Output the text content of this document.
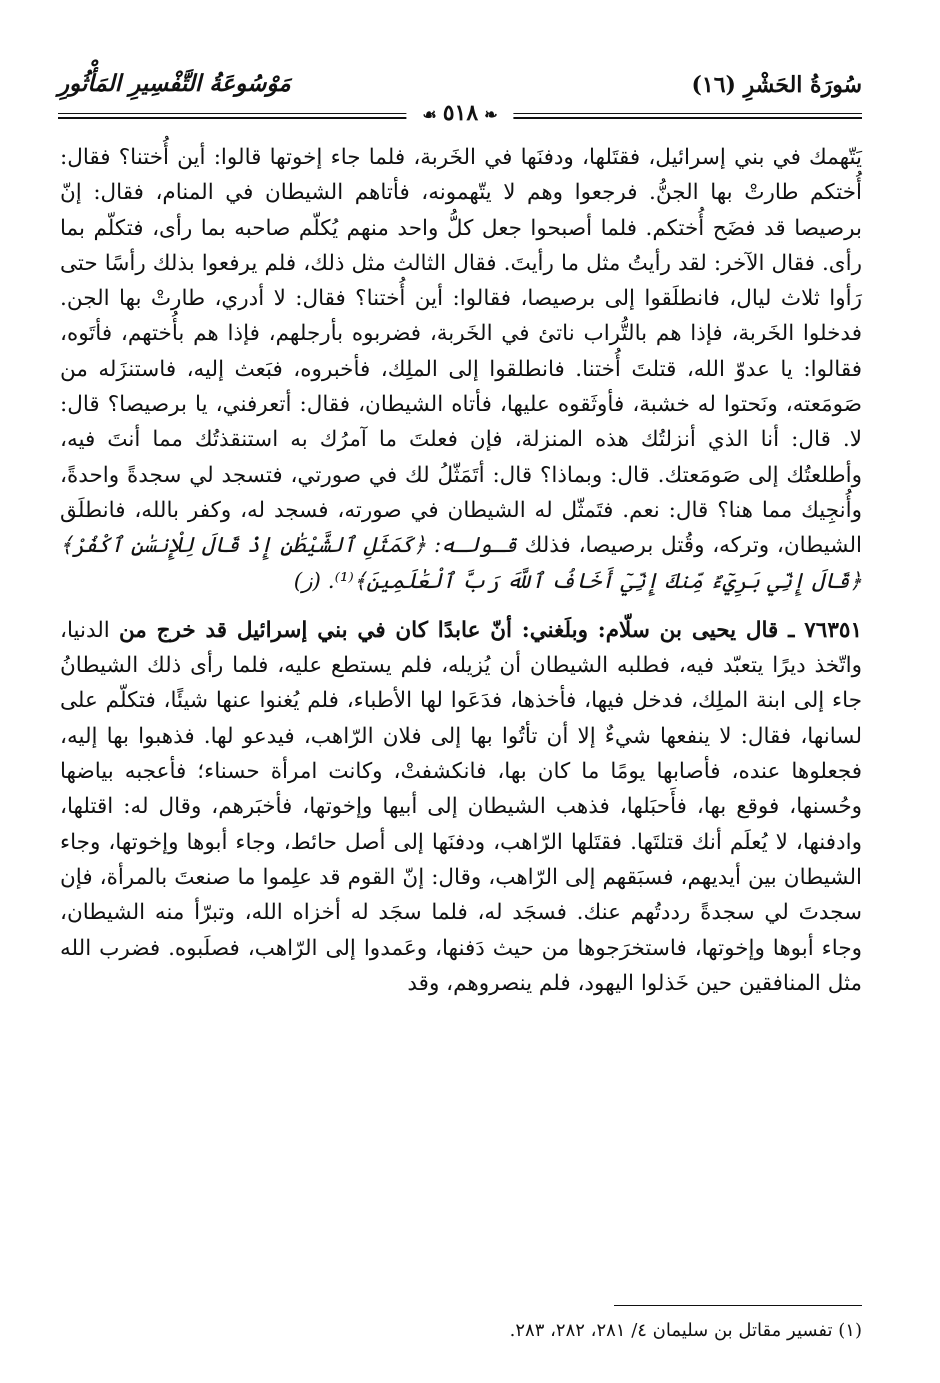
سُورَةُ الحَشْرِ (١٦)
مَوْسُوعَةُ التَّفْسِيرِ المَأْثُورِ
❧٥١٨☙

يَتّهمك في بني إسرائيل، فقتَلها، ودفنَها في الخَربة، فلما جاء إخوتها قالوا: أين أُختنا؟ فقال: أُختكم طارتْ بها الجنُّ. فرجعوا وهم لا يتّهمونه، فأتاهم الشيطان في المنام، فقال: إنّ برصيصا قد فضَح أُختكم. فلما أصبحوا جعل كلُّ واحد منهم يُكلّم صاحبه بما رأى، فتكلّم بما رأى. فقال الآخر: لقد رأيتُ مثل ما رأيتَ. فقال الثالث مثل ذلك، فلم يرفعوا بذلك رأسًا حتى رَأوا ثلاث ليال، فانطلَقوا إلى برصيصا، فقالوا: أين أُختنا؟ فقال: لا أدري، طارتْ بها الجن. فدخلوا الخَربة، فإذا هم بالتُّراب ناتئ في الخَربة، فضربوه بأرجلهم، فإذا هم بأُختهم، فأتَوه، فقالوا: يا عدوّ الله، قتلتَ أُختنا. فانطلقوا إلى الملِك، فأخبروه، فبَعث إليه، فاستنزَله من صَومَعته، ونَحتوا له خشبة، فأوثَقوه عليها، فأتاه الشيطان، فقال: أتعرفني، يا برصيصا؟ قال: لا. قال: أنا الذي أنزلتُك هذه المنزلة، فإن فعلتَ ما آمرُك به استنقذتُك مما أنتَ فيه، وأطلعتُك إلى صَومَعتك. قال: وبماذا؟ قال: أتَمَثّلُ لك في صورتي، فتسجد لي سجدةً واحدةً، وأُنجِيك مما هنا؟ قال: نعم. فتَمثّل له الشيطان في صورته، فسجد له، وكفر بالله، فانطلَق الشيطان، وتركه، وقُتل برصيصا، فذلك قـولـه: ﴿كَمَثَلِ ٱلشَّيْطَٰنِ إِذْ قَالَ لِلْإِنسَٰنِ ٱكْفُرْ﴾ ﴿قَالَ إِنِّي بَرِيٓءٌ مِّنكَ إِنِّيٓ أَخَافُ ٱللَّهَ رَبَّ ٱلْعَٰلَمِينَ﴾⁽¹⁾. (ز)

٧٦٣٥١ ـ قال يحيى بن سلّام: وبلَغني: أنّ عابدًا كان في بني إسرائيل قد خرج من الدنيا، واتّخذ ديرًا يتعبّد فيه، فطلبه الشيطان أن يُزيله، فلم يستطع عليه، فلما رأى ذلك الشيطانُ جاء إلى ابنة الملِك، فدخل فيها، فأخذها، فدَعَوا لها الأطباء، فلم يُغنوا عنها شيئًا، فتكلّم على لسانها، فقال: لا ينفعها شيءٌ إلا أن تأتُوا بها إلى فلان الرّاهب، فيدعو لها. فذهبوا بها إليه، فجعلوها عنده، فأصابها يومًا ما كان بها، فانكشفتْ، وكانت امرأة حسناء؛ فأعجبه بياضها وحُسنها، فوقع بها، فأَحبَلها، فذهب الشيطان إلى أبيها وإخوتها، فأخبَرهم، وقال له: اقتلها، وادفنها، لا يُعلَم أنك قتلتَها. فقتَلها الرّاهب، ودفنَها إلى أصل حائط، وجاء أبوها وإخوتها، وجاء الشيطان بين أيديهم، فسبَقهم إلى الرّاهب، وقال: إنّ القوم قد علِموا ما صنعتَ بالمرأة، فإن سجدتَ لي سجدةً رددتُهم عنك. فسجَد له، فلما سجَد له أخزاه الله، وتبرّأ منه الشيطان، وجاء أبوها وإخوتها، فاستخرَجوها من حيث دَفنها، وعَمدوا إلى الرّاهب، فصلَبوه. فضرب الله مثل المنافقين حين خَذلوا اليهود، فلم ينصروهم، وقد

(١) تفسير مقاتل بن سليمان ٤/ ٢٨١، ٢٨٢، ٢٨٣.
